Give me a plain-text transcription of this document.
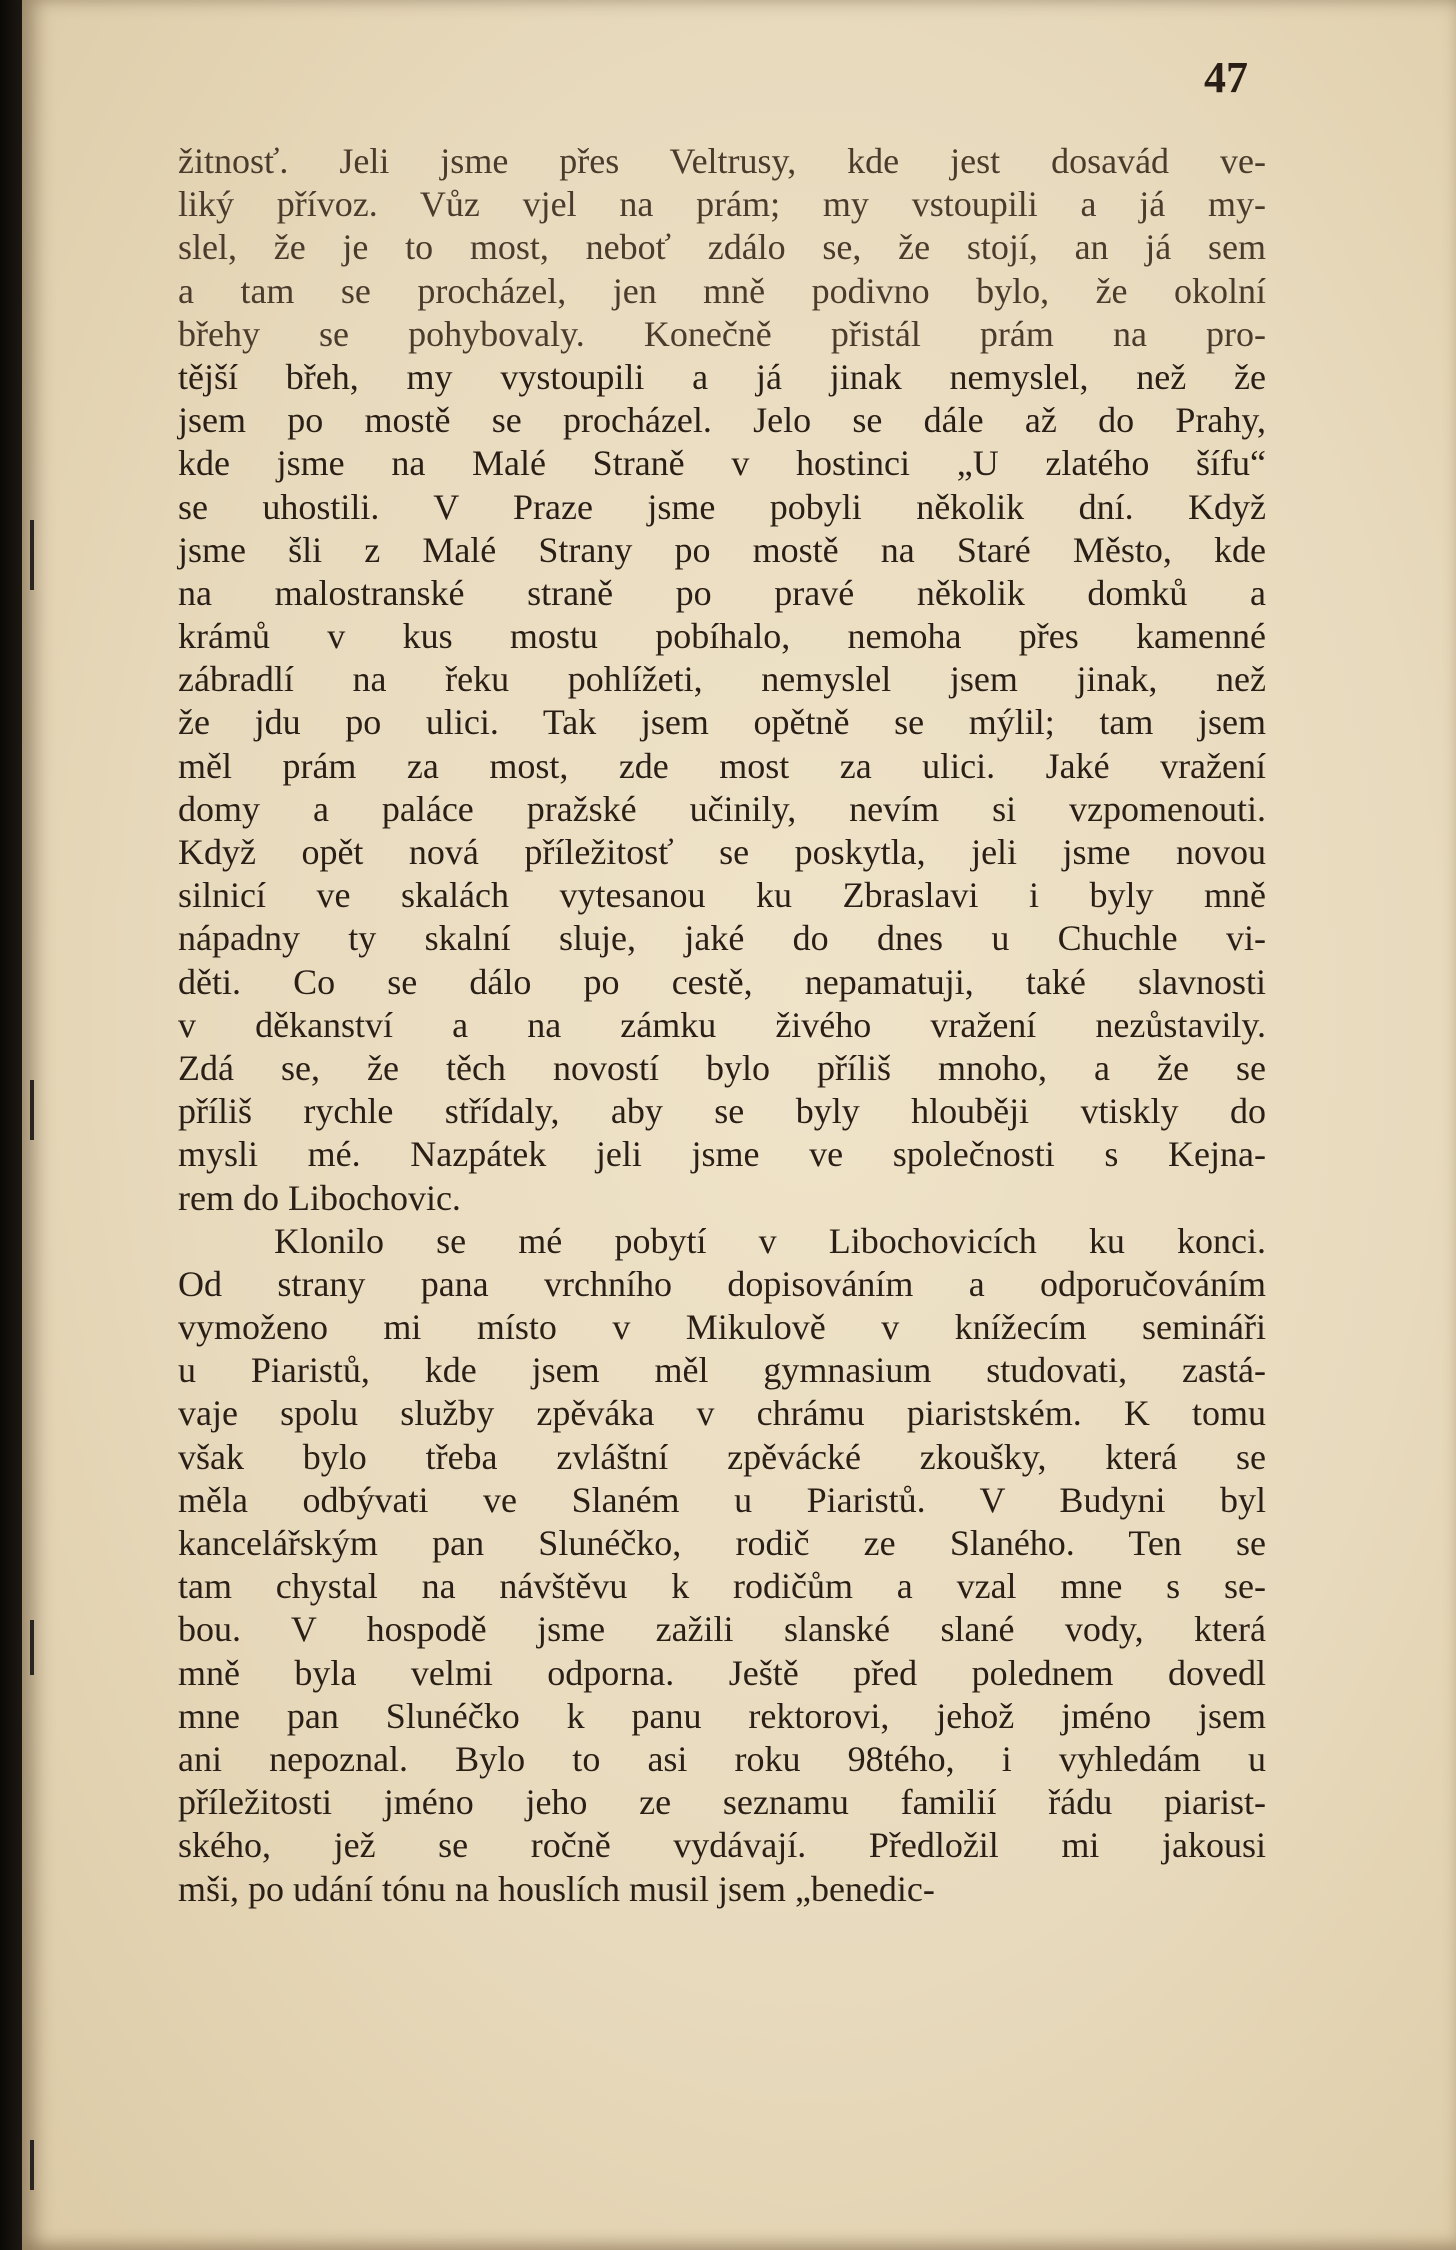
47
žitnosť. Jeli jsme přes Veltrusy, kde jest dosavád ve-
liký přívoz. Vůz vjel na prám; my vstoupili a já my-
slel, že je to most, neboť zdálo se, že stojí, an já sem
a tam se procházel, jen mně podivno bylo, že okolní
břehy se pohybovaly. Konečně přistál prám na pro-
tější břeh, my vystoupili a já jinak nemyslel, než že
jsem po mostě se procházel. Jelo se dále až do Prahy,
kde jsme na Malé Straně v hostinci „U zlatého šífu“
se uhostili. V Praze jsme pobyli několik dní. Když
jsme šli z Malé Strany po mostě na Staré Město, kde
na malostranské straně po pravé několik domků a
krámů v kus mostu pobíhalo, nemoha přes kamenné
zábradlí na řeku pohlížeti, nemyslel jsem jinak, než
že jdu po ulici. Tak jsem opětně se mýlil; tam jsem
měl prám za most, zde most za ulici. Jaké vražení
domy a paláce pražské učinily, nevím si vzpomenouti.
Když opět nová příležitosť se poskytla, jeli jsme novou
silnicí ve skalách vytesanou ku Zbraslavi i byly mně
nápadny ty skalní sluje, jaké do dnes u Chuchle vi-
děti. Co se dálo po cestě, nepamatuji, také slavnosti
v děkanství a na zámku živého vražení nezůstavily.
Zdá se, že těch novostí bylo příliš mnoho, a že se
příliš rychle střídaly, aby se byly hlouběji vtiskly do
mysli mé. Nazpátek jeli jsme ve společnosti s Kejna-
rem do Libochovic.
Klonilo se mé pobytí v Libochovicích ku konci.
Od strany pana vrchního dopisováním a odporučováním
vymoženo mi místo v Mikulově v knížecím semináři
u Piaristů, kde jsem měl gymnasium studovati, zastá-
vaje spolu služby zpěváka v chrámu piaristském. K tomu
však bylo třeba zvláštní zpěvácké zkoušky, která se
měla odbývati ve Slaném u Piaristů. V Budyni byl
kancelářským pan Slunéčko, rodič ze Slaného. Ten se
tam chystal na návštěvu k rodičům a vzal mne s se-
bou. V hospodě jsme zažili slanské slané vody, která
mně byla velmi odporna. Ještě před polednem dovedl
mne pan Slunéčko k panu rektorovi, jehož jméno jsem
ani nepoznal. Bylo to asi roku 98tého, i vyhledám u
příležitosti jméno jeho ze seznamu familií řádu piarist-
ského, jež se ročně vydávají. Předložil mi jakousi
mši, po udání tónu na houslích musil jsem „benedic-
